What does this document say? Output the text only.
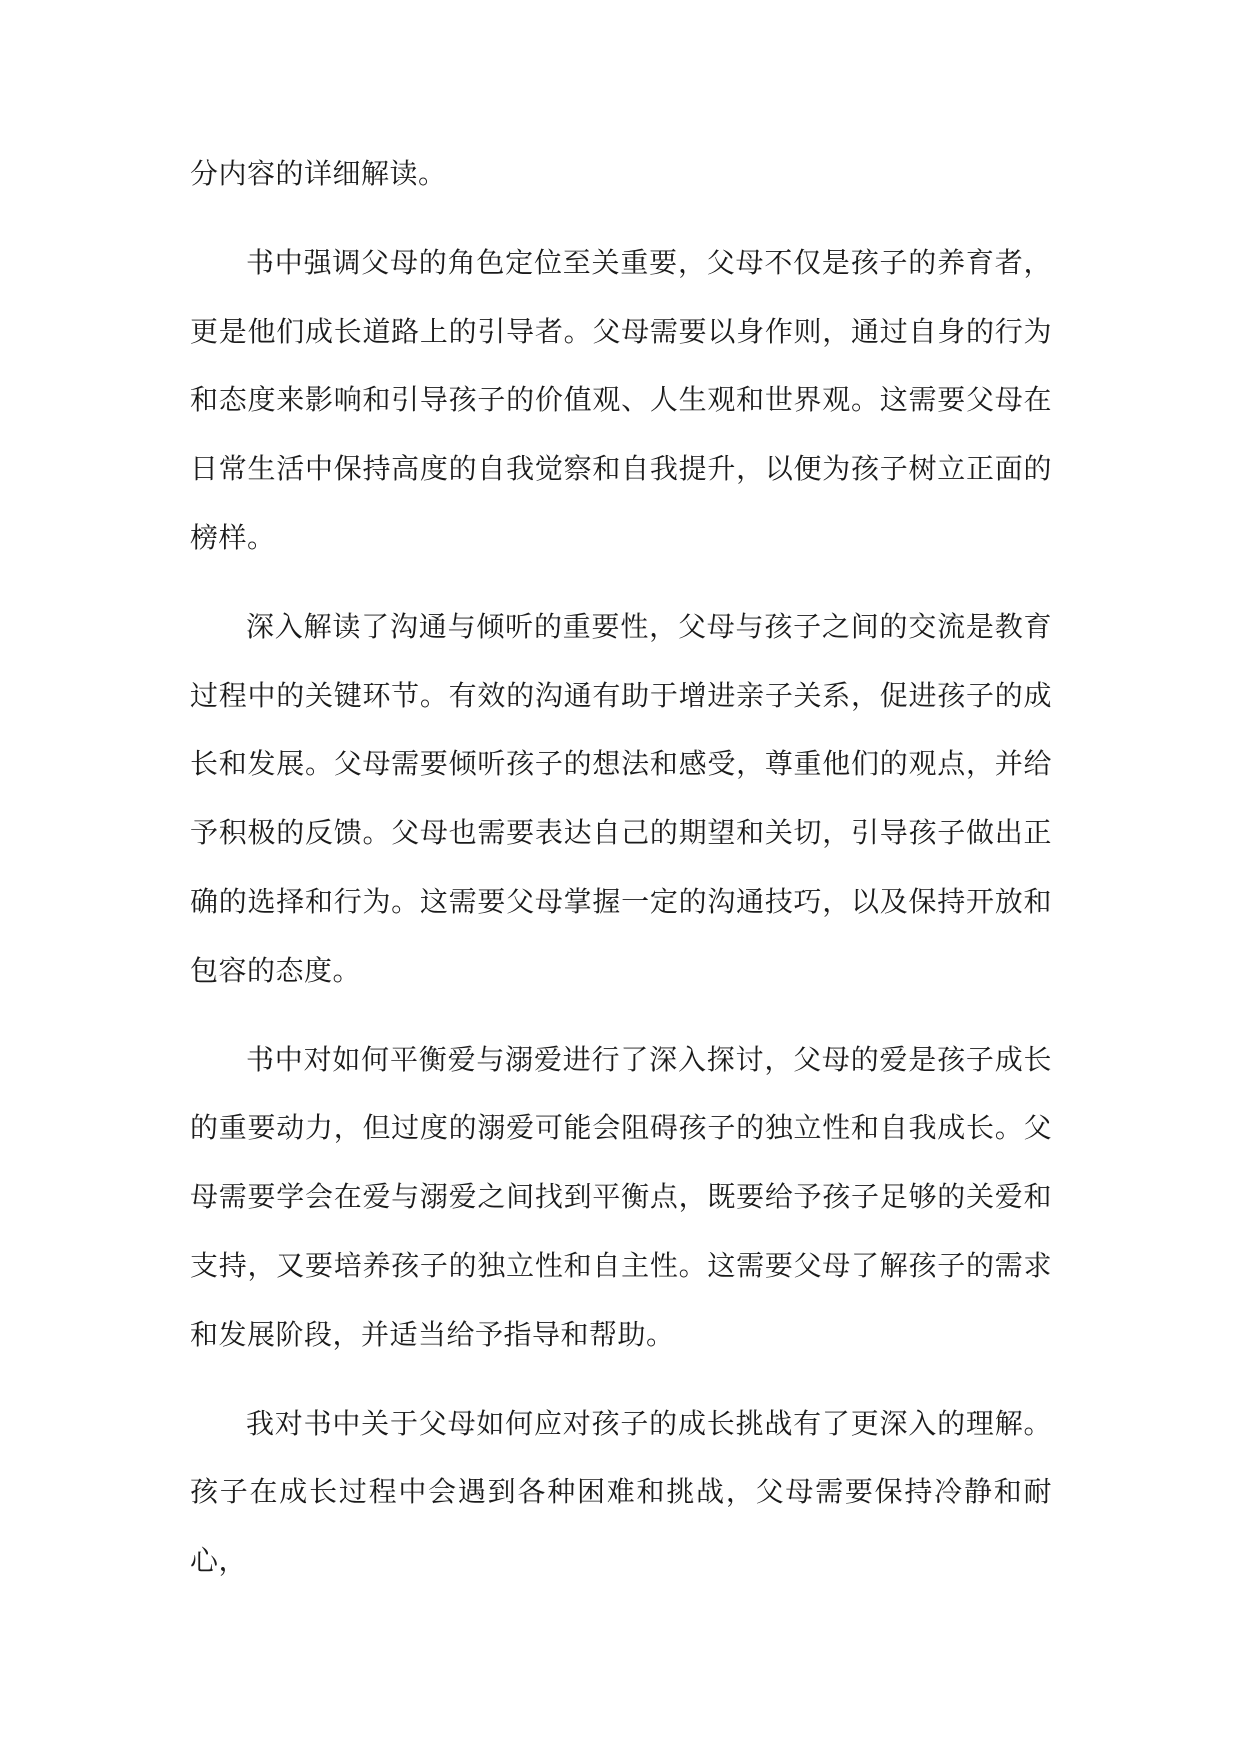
分内容的详细解读。

书中强调父母的角色定位至关重要，父母不仅是孩子的养育者，更是他们成长道路上的引导者。父母需要以身作则，通过自身的行为和态度来影响和引导孩子的价值观、人生观和世界观。这需要父母在日常生活中保持高度的自我觉察和自我提升，以便为孩子树立正面的榜样。

深入解读了沟通与倾听的重要性，父母与孩子之间的交流是教育过程中的关键环节。有效的沟通有助于增进亲子关系，促进孩子的成长和发展。父母需要倾听孩子的想法和感受，尊重他们的观点，并给予积极的反馈。父母也需要表达自己的期望和关切，引导孩子做出正确的选择和行为。这需要父母掌握一定的沟通技巧，以及保持开放和包容的态度。

书中对如何平衡爱与溺爱进行了深入探讨，父母的爱是孩子成长的重要动力，但过度的溺爱可能会阻碍孩子的独立性和自我成长。父母需要学会在爱与溺爱之间找到平衡点，既要给予孩子足够的关爱和支持，又要培养孩子的独立性和自主性。这需要父母了解孩子的需求和发展阶段，并适当给予指导和帮助。

我对书中关于父母如何应对孩子的成长挑战有了更深入的理解。孩子在成长过程中会遇到各种困难和挑战，父母需要保持冷静和耐心，
